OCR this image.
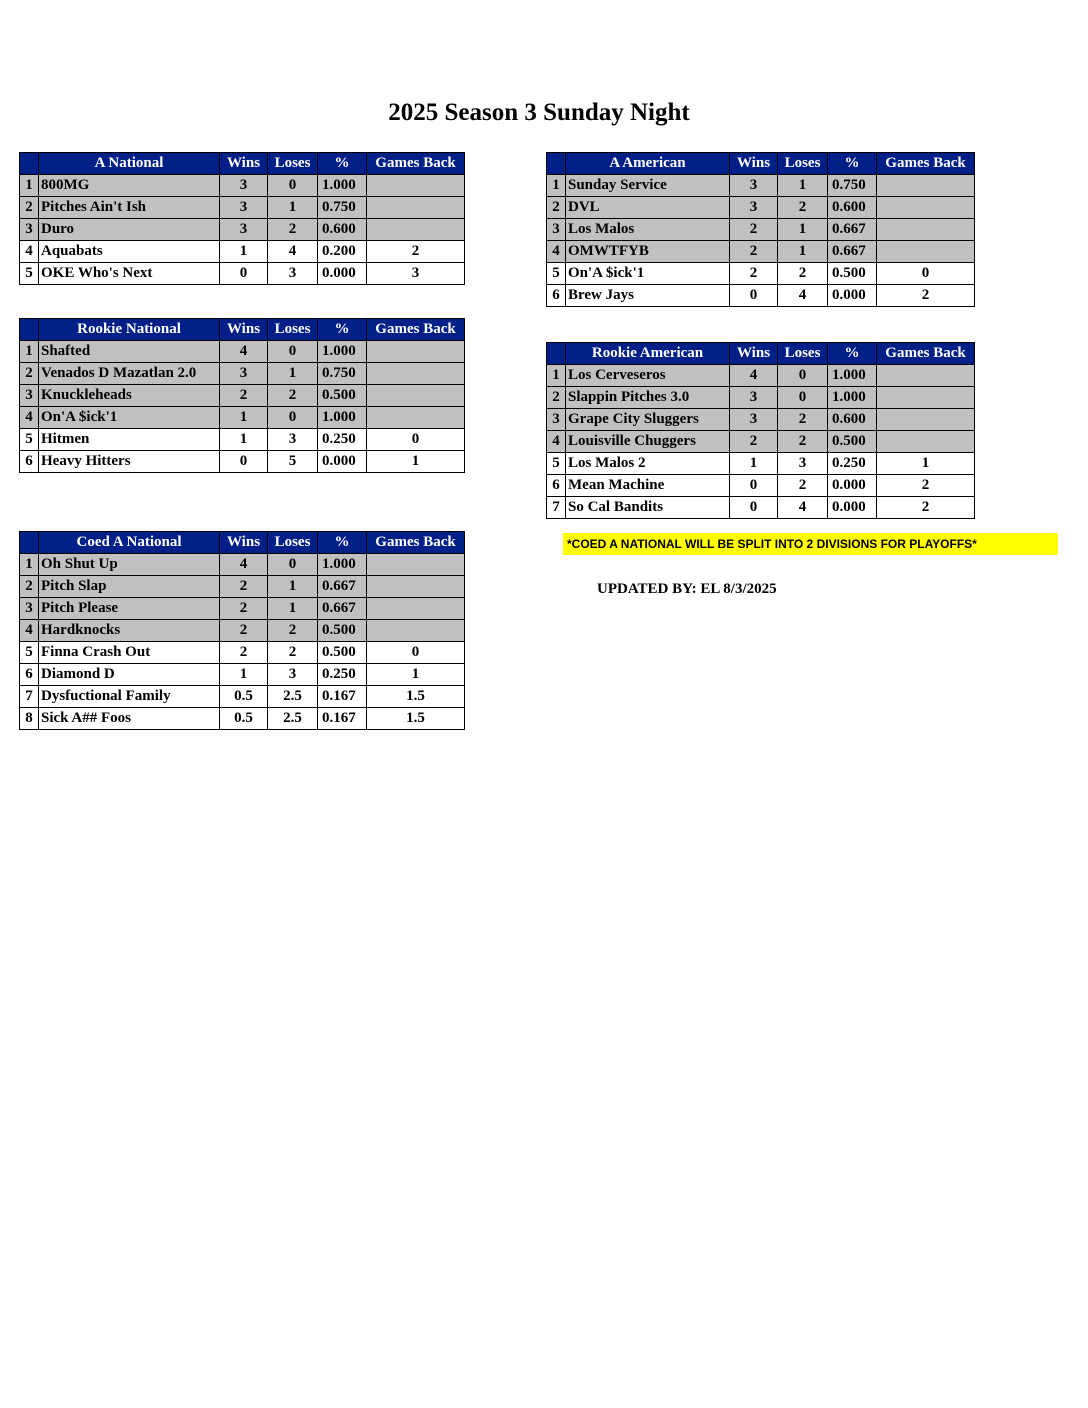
2025 Season 3 Sunday Night
	A National	Wins	Loses	%	Games Back
1	800MG	3	0	1.000	
2	Pitches Ain't Ish	3	1	0.750	
3	Duro	3	2	0.600	
4	Aquabats	1	4	0.200	2
5	OKE Who's Next	0	3	0.000	3
	A American	Wins	Loses	%	Games Back
1	Sunday Service	3	1	0.750	
2	DVL	3	2	0.600	
3	Los Malos	2	1	0.667	
4	OMWTFYB	2	1	0.667	
5	On'A $ick'1	2	2	0.500	0
6	Brew Jays	0	4	0.000	2
	Rookie National	Wins	Loses	%	Games Back
1	Shafted	4	0	1.000	
2	Venados D Mazatlan 2.0	3	1	0.750	
3	Knuckleheads	2	2	0.500	
4	On'A $ick'1	1	0	1.000	
5	Hitmen	1	3	0.250	0
6	Heavy Hitters	0	5	0.000	1
	Rookie American	Wins	Loses	%	Games Back
1	Los Cerveseros	4	0	1.000	
2	Slappin Pitches 3.0	3	0	1.000	
3	Grape City Sluggers	3	2	0.600	
4	Louisville Chuggers	2	2	0.500	
5	Los Malos 2	1	3	0.250	1
6	Mean Machine	0	2	0.000	2
7	So Cal Bandits	0	4	0.000	2
	Coed A National	Wins	Loses	%	Games Back
1	Oh Shut Up	4	0	1.000	
2	Pitch Slap	2	1	0.667	
3	Pitch Please	2	1	0.667	
4	Hardknocks	2	2	0.500	
5	Finna Crash Out	2	2	0.500	0
6	Diamond D	1	3	0.250	1
7	Dysfuctional Family	0.5	2.5	0.167	1.5
8	Sick A## Foos	0.5	2.5	0.167	1.5
*COED A NATIONAL WILL BE SPLIT INTO 2 DIVISIONS FOR PLAYOFFS*
UPDATED BY: EL 8/3/2025
